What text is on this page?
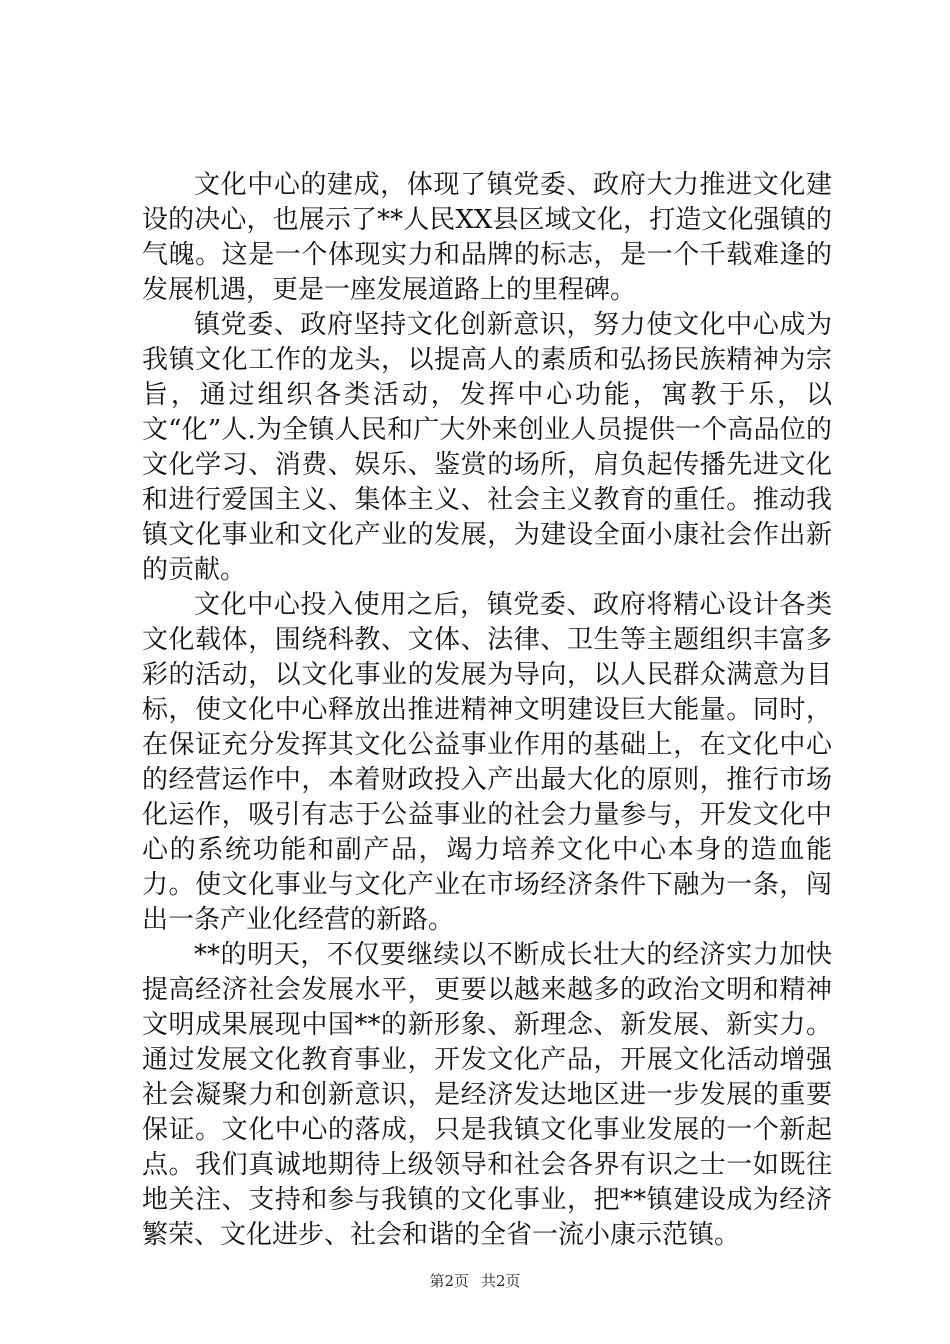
文化中心的建成，体现了镇党委、政府大力推进文化建设的决心，也展示了**人民XX县区域文化，打造文化强镇的气魄。这是一个体现实力和品牌的标志，是一个千载难逢的发展机遇，更是一座发展道路上的里程碑。

镇党委、政府坚持文化创新意识，努力使文化中心成为我镇文化工作的龙头，以提高人的素质和弘扬民族精神为宗旨，通过组织各类活动，发挥中心功能，寓教于乐，以文“化”人.为全镇人民和广大外来创业人员提供一个高品位的文化学习、消费、娱乐、鉴赏的场所，肩负起传播先进文化和进行爱国主义、集体主义、社会主义教育的重任。推动我镇文化事业和文化产业的发展，为建设全面小康社会作出新的贡献。

文化中心投入使用之后，镇党委、政府将精心设计各类文化载体，围绕科教、文体、法律、卫生等主题组织丰富多彩的活动，以文化事业的发展为导向，以人民群众满意为目标，使文化中心释放出推进精神文明建设巨大能量。同时，在保证充分发挥其文化公益事业作用的基础上，在文化中心的经营运作中，本着财政投入产出最大化的原则，推行市场化运作，吸引有志于公益事业的社会力量参与，开发文化中心的系统功能和副产品，竭力培养文化中心本身的造血能力。使文化事业与文化产业在市场经济条件下融为一条，闯出一条产业化经营的新路。

**的明天，不仅要继续以不断成长壮大的经济实力加快提高经济社会发展水平，更要以越来越多的政治文明和精神文明成果展现中国**的新形象、新理念、新发展、新实力。通过发展文化教育事业，开发文化产品，开展文化活动增强社会凝聚力和创新意识，是经济发达地区进一步发展的重要保证。文化中心的落成，只是我镇文化事业发展的一个新起点。我们真诚地期待上级领导和社会各界有识之士一如既往地关注、支持和参与我镇的文化事业，把**镇建设成为经济繁荣、文化进步、社会和谐的全省一流小康示范镇。

第2页 共2页
